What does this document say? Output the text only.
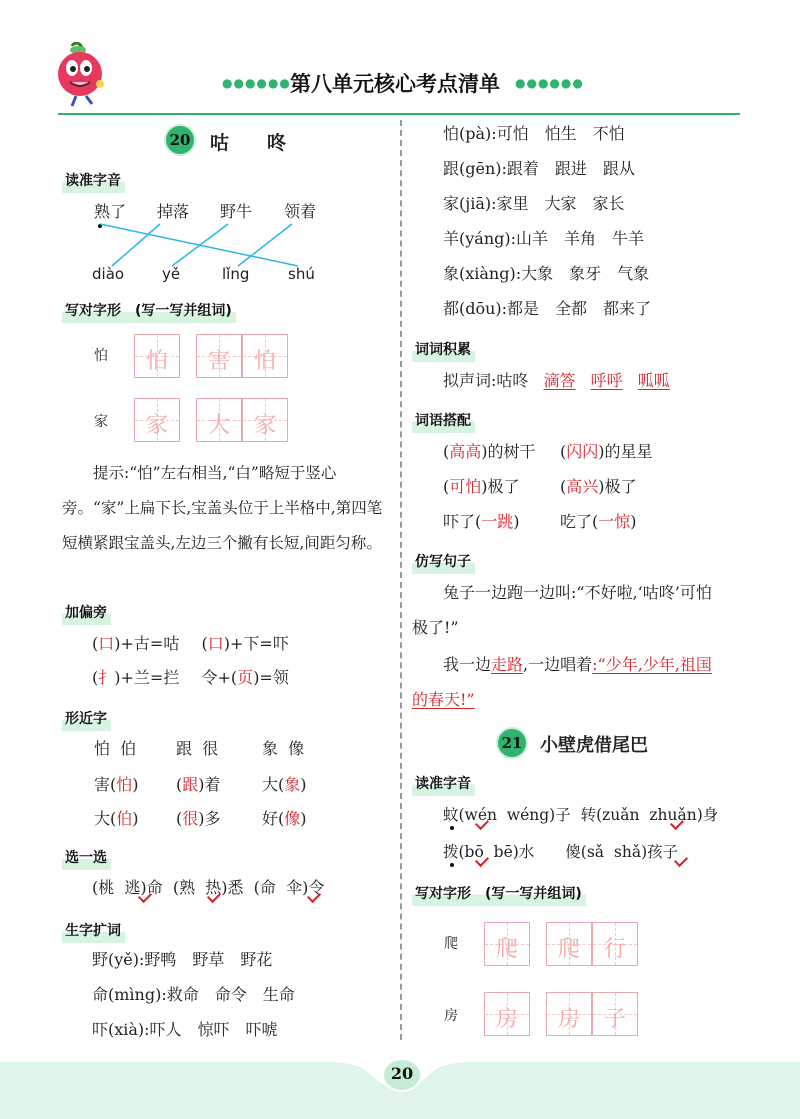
●●●●●● 第八单元核心考点清单 ●●●●●●
20 咕　　咚
读准字音
熟了 掉落 野牛 领着
diào	yě	lǐng	shú
写对字形　(写一写并组词)
怕	怕	害	怕
家	家	大	家
提示:“怕”左右相当,“白”略短于竖心旁。“家”上扁下长,宝盖头位于上半格中,第四笔短横紧跟宝盖头,左边三个撇有长短,间距匀称。
加偏旁
(口)+古=咕 (口)+下=吓
(扌)+兰=拦 令+(页)=领
形近字
怕  伯 跟  很	象  像
害(怕) (跟)着	大(象)
大(伯) (很)多	好(像)
选一选
(桃  逃)命  (熟  热)悉  (命  伞)令
生字扩词
野(yě):野鸭　野草　野花
命(mìng):救命　命令　生命
吓(xià):吓人　惊吓　吓唬
怕(pà):可怕　怕生　不怕
跟(gēn):跟着　跟进　跟从
家(jiā):家里　大家　家长
羊(yáng):山羊　羊角　牛羊
象(xiàng):大象　象牙　气象
都(dōu):都是　全都　都来了
词词积累
拟声词:咕咚 滴答 呼呼 呱呱
词语搭配
(高高)的树干 (闪闪)的星星
(可怕)极了	(高兴)极了
吓了(一跳)	吃了(一惊)
仿写句子
兔子一边跑一边叫:“不好啦,‘咕咚’可怕
极了!”
我一边走路,一边唱着:“少年,少年,祖国
的春天!”
21 小壁虎借尾巴
读准字音
蚊(wén  wéng)子  转(zuǎn  zhuǎn)身
拨(bō  bē)水　　傻(sǎ  shǎ)孩子
写对字形　(写一写并组词)
爬	爬	爬	行
房	房	房	子
20
